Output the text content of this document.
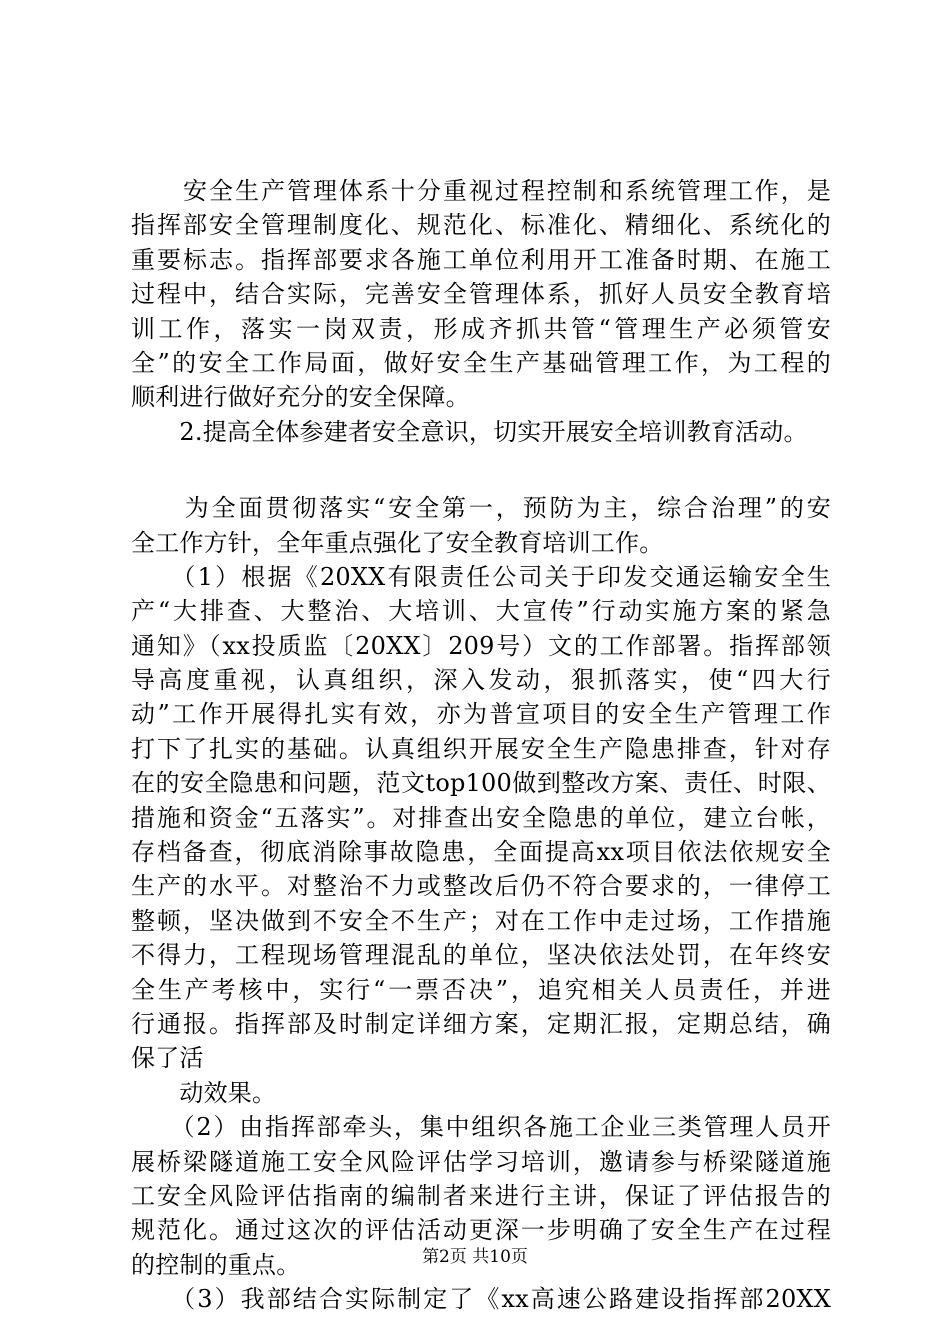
　　安全生产管理体系十分重视过程控制和系统管理工作，是
指挥部安全管理制度化、规范化、标准化、精细化、系统化的
重要标志。指挥部要求各施工单位利用开工准备时期、在施工
过程中，结合实际，完善安全管理体系，抓好人员安全教育培
训工作，落实一岗双责，形成齐抓共管“管理生产必须管安
全”的安全工作局面，做好安全生产基础管理工作，为工程的
顺利进行做好充分的安全保障。
　　2.提高全体参建者安全意识，切实开展安全培训教育活动。
　　为全面贯彻落实“安全第一，预防为主，综合治理”的安
全工作方针，全年重点强化了安全教育培训工作。
　　（1）根据《20XX有限责任公司关于印发交通运输安全生
产“大排查、大整治、大培训、大宣传”行动实施方案的紧急
通知》（xx投质监〔20XX〕209号）文的工作部署。指挥部领
导高度重视，认真组织，深入发动，狠抓落实，使“四大行
动”工作开展得扎实有效，亦为普宣项目的安全生产管理工作
打下了扎实的基础。认真组织开展安全生产隐患排查，针对存
在的安全隐患和问题，范文top100做到整改方案、责任、时限、
措施和资金“五落实”。对排查出安全隐患的单位，建立台帐，
存档备查，彻底消除事故隐患，全面提高xx项目依法依规安全
生产的水平。对整治不力或整改后仍不符合要求的，一律停工
整顿，坚决做到不安全不生产；对在工作中走过场，工作措施
不得力，工程现场管理混乱的单位，坚决依法处罚，在年终安
全生产考核中，实行“一票否决”，追究相关人员责任，并进
行通报。指挥部及时制定详细方案，定期汇报，定期总结，确
保了活
　　动效果。
　　（2）由指挥部牵头，集中组织各施工企业三类管理人员开
展桥梁隧道施工安全风险评估学习培训，邀请参与桥梁隧道施
工安全风险评估指南的编制者来进行主讲，保证了评估报告的
规范化。通过这次的评估活动更深一步明确了安全生产在过程
的控制的重点。
　　（3）我部结合实际制定了《xx高速公路建设指挥部20XX
第2页 共10页
